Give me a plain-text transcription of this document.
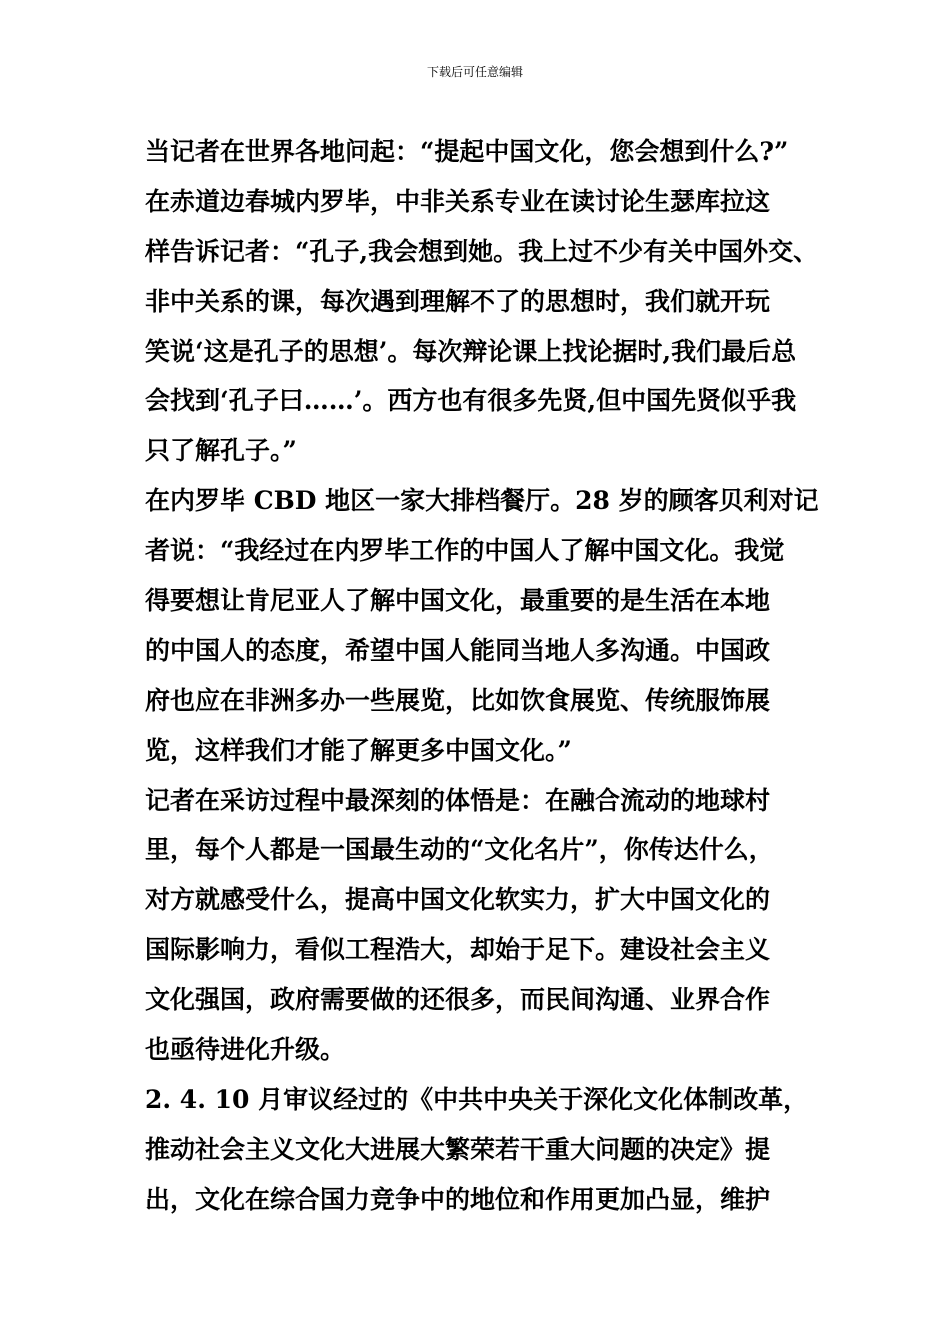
下载后可任意编辑
当记者在世界各地问起：“提起中国文化，您会想到什么?”
在赤道边春城内罗毕，中非关系专业在读讨论生瑟库拉这
样告诉记者：“孔子,我会想到她。我上过不少有关中国外交、
非中关系的课，每次遇到理解不了的思想时，我们就开玩
笑说‘这是孔子的思想’。每次辩论课上找论据时,我们最后总
会找到‘孔子曰……’。西方也有很多先贤,但中国先贤似乎我
只了解孔子。”
在内罗毕 CBD 地区一家大排档餐厅。28 岁的顾客贝利对记
者说：“我经过在内罗毕工作的中国人了解中国文化。我觉
得要想让肯尼亚人了解中国文化，最重要的是生活在本地
的中国人的态度，希望中国人能同当地人多沟通。中国政
府也应在非洲多办一些展览，比如饮食展览、传统服饰展
览，这样我们才能了解更多中国文化。”
记者在采访过程中最深刻的体悟是：在融合流动的地球村
里，每个人都是一国最生动的“文化名片”，你传达什么，
对方就感受什么，提高中国文化软实力，扩大中国文化的
国际影响力，看似工程浩大，却始于足下。建设社会主义
文化强国，政府需要做的还很多，而民间沟通、业界合作
也亟待进化升级。
2. 4. 10 月审议经过的《中共中央关于深化文化体制改革，
推动社会主义文化大进展大繁荣若干重大问题的决定》提
出，文化在综合国力竞争中的地位和作用更加凸显，维护
